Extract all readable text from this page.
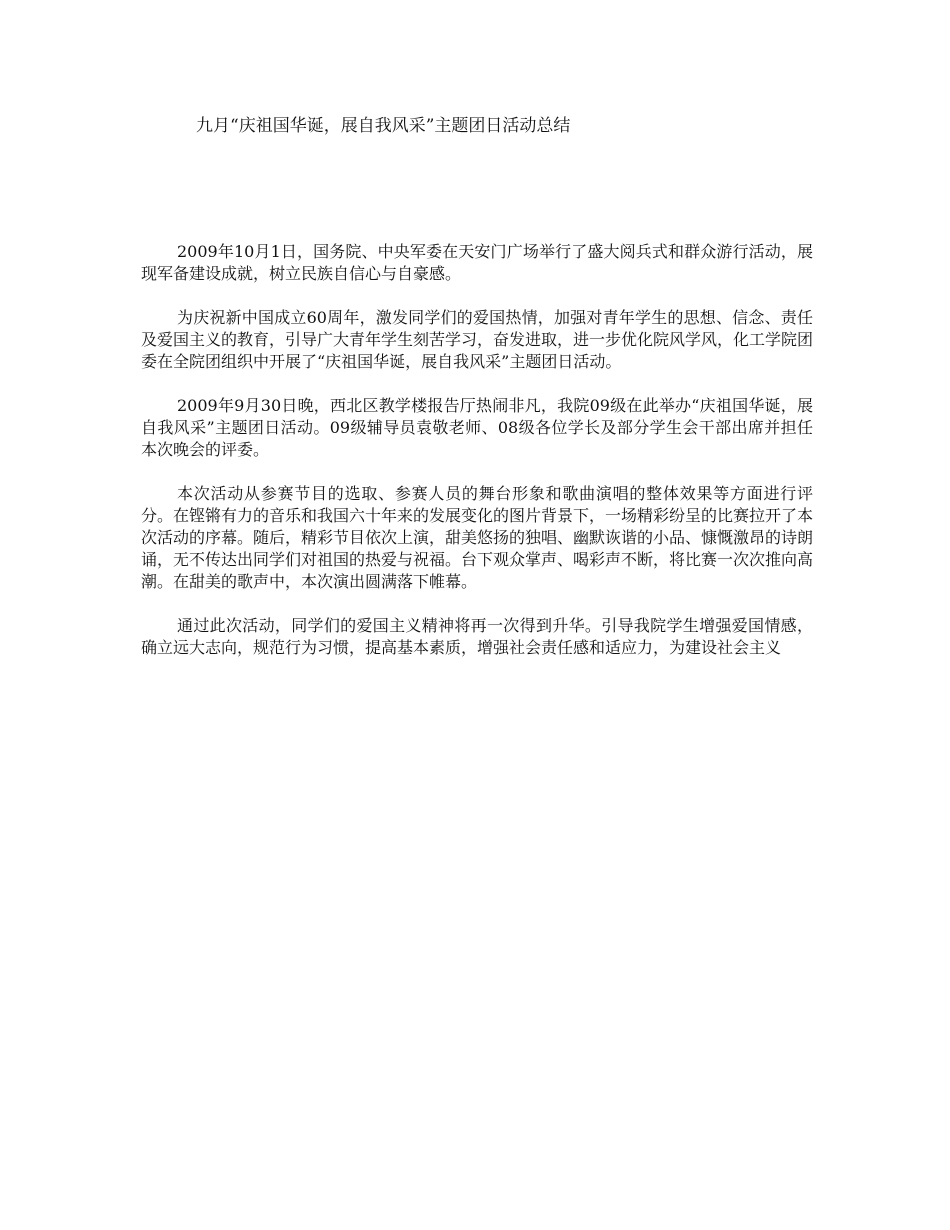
九月“庆祖国华诞，展自我风采”主题团日活动总结

2009年10月1日，国务院、中央军委在天安门广场举行了盛大阅兵式和群众游行活动，展现军备建设成就，树立民族自信心与自豪感。

为庆祝新中国成立60周年，激发同学们的爱国热情，加强对青年学生的思想、信念、责任及爱国主义的教育，引导广大青年学生刻苦学习，奋发进取，进一步优化院风学风，化工学院团委在全院团组织中开展了“庆祖国华诞，展自我风采”主题团日活动。

2009年9月30日晚，西北区教学楼报告厅热闹非凡，我院09级在此举办“庆祖国华诞，展自我风采”主题团日活动。09级辅导员袁敬老师、08级各位学长及部分学生会干部出席并担任本次晚会的评委。

本次活动从参赛节目的选取、参赛人员的舞台形象和歌曲演唱的整体效果等方面进行评分。在铿锵有力的音乐和我国六十年来的发展变化的图片背景下，一场精彩纷呈的比赛拉开了本次活动的序幕。随后，精彩节目依次上演，甜美悠扬的独唱、幽默诙谐的小品、慷慨激昂的诗朗诵，无不传达出同学们对祖国的热爱与祝福。台下观众掌声、喝彩声不断，将比赛一次次推向高潮。在甜美的歌声中，本次演出圆满落下帷幕。

通过此次活动，同学们的爱国主义精神将再一次得到升华。引导我院学生增强爱国情感，确立远大志向，规范行为习惯，提高基本素质，增强社会责任感和适应力，为建设社会主义
